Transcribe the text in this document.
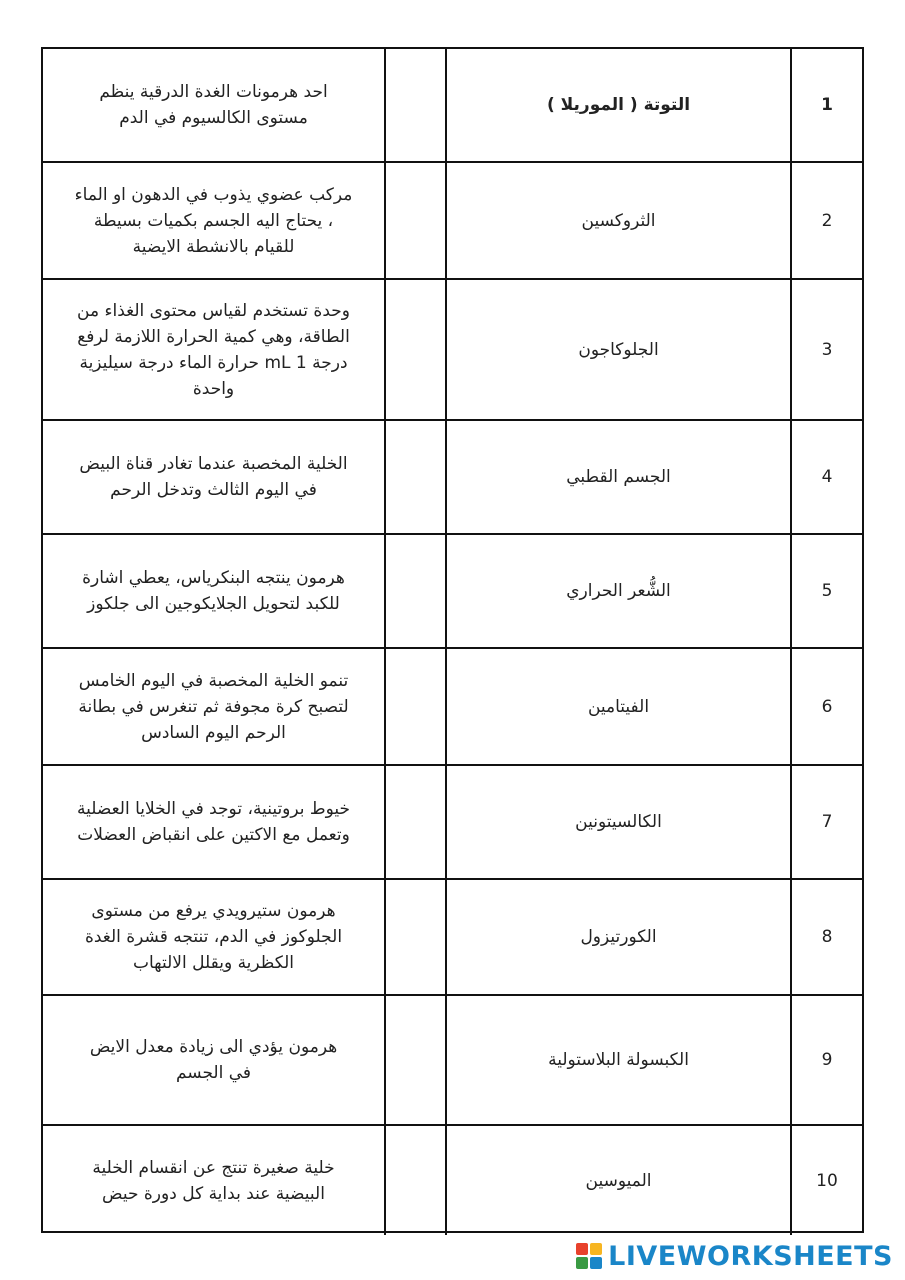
احد هرمونات الغدة الدرقية ينظم
مستوى الكالسيوم في الدم
التوتة ( الموريلا )	1
مركب عضوي يذوب في الدهون او الماء
، يحتاج اليه الجسم بكميات بسيطة
للقيام بالانشطة الايضية
الثروكسين	2
وحدة تستخدم لقياس محتوى الغذاء من
الطاقة، وهي كمية الحرارة اللازمة لرفع
درجة mL 1 حرارة الماء درجة سيليزية
واحدة
الجلوكاجون	3
الخلية المخصبة عندما تغادر قناة البيض
في اليوم الثالث وتدخل الرحم
الجسم القطبي	4
هرمون ينتجه البنكرياس، يعطي اشارة
للكبد لتحويل الجلايكوجين الى جلكوز
الشُّعر الحراري	5
تنمو الخلية المخصبة في اليوم الخامس
لتصبح كرة مجوفة ثم تنغرس في بطانة
الرحم اليوم السادس
الفيتامين	6
خيوط بروتينية، توجد في الخلايا العضلية
وتعمل مع الاكتين على انقباض العضلات
الكالسيتونين	7
هرمون ستيرويدي يرفع من مستوى
الجلوكوز في الدم، تنتجه قشرة الغدة
الكظرية ويقلل الالتهاب
الكورتيزول	8
هرمون يؤدي الى زيادة معدل الايض
في الجسم
الكبسولة البلاستولية	9
خلية صغيرة تنتج عن انقسام الخلية
البيضية عند بداية كل دورة حيض
الميوسين	10
LIVEWORKSHEETS
